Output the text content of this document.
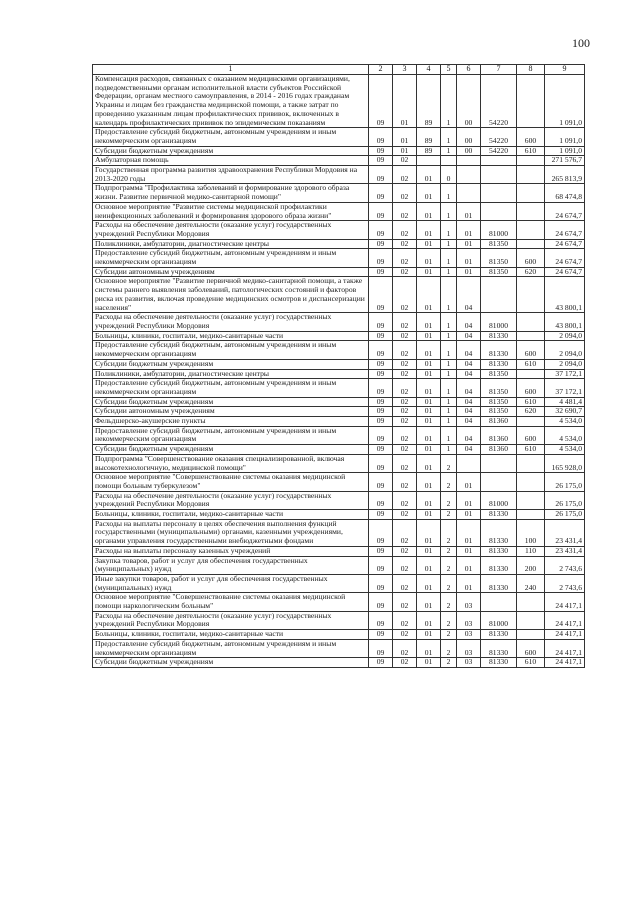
100
1	2	3	4	5	6	7	8	9
Компенсация расходов, связанных с оказанием медицинскими организациями, подведомственными органам исполнительной власти субъектов Российской Федерации, органам местного самоуправления, в 2014 - 2016 годах гражданам Украины и лицам без гражданства медицинской помощи, а также затрат по проведению указанным лицам профилактических прививок, включенных в календарь профилактических прививок по эпидемическим показаниям	09	01	89	1	00	54220		1 091,0
Предоставление субсидий бюджетным, автономным учреждениям и иным некоммерческим организациям	09	01	89	1	00	54220	600	1 091,0
Субсидии бюджетным учреждениям	09	01	89	1	00	54220	610	1 091,0
Амбулаторная помощь	09	02						271 576,7
Государственная программа развития здравоохранения Республики Мордовия на 2013-2020 годы	09	02	01	0				265 813,9
Подпрограмма "Профилактика заболеваний и формирование здорового образа жизни. Развитие первичной медико-санитарной помощи"	09	02	01	1				68 474,8
Основное мероприятие "Развитие системы медицинской профилактики неинфекционных заболеваний и формирования здорового образа жизни"	09	02	01	1	01			24 674,7
Расходы на обеспечение деятельности (оказание услуг) государственных учреждений Республики Мордовия	09	02	01	1	01	81000		24 674,7
Поликлиники, амбулатории, диагностические центры	09	02	01	1	01	81350		24 674,7
Предоставление субсидий бюджетным, автономным учреждениям и иным некоммерческим организациям	09	02	01	1	01	81350	600	24 674,7
Субсидии автономным учреждениям	09	02	01	1	01	81350	620	24 674,7
Основное мероприятие "Развитие первичной медико-санитарной помощи, а также системы раннего выявления заболеваний, патологических состояний и факторов риска их развития, включая проведение медицинских осмотров и диспансеризации населения"	09	02	01	1	04			43 800,1
Расходы на обеспечение деятельности (оказание услуг) государственных учреждений Республики Мордовия	09	02	01	1	04	81000		43 800,1
Больницы, клиники, госпитали, медико-санитарные части	09	02	01	1	04	81330		2 094,0
Предоставление субсидий бюджетным, автономным учреждениям и иным некоммерческим организациям	09	02	01	1	04	81330	600	2 094,0
Субсидии бюджетным учреждениям	09	02	01	1	04	81330	610	2 094,0
Поликлиники, амбулатории, диагностические центры	09	02	01	1	04	81350		37 172,1
Предоставление субсидий бюджетным, автономным учреждениям и иным некоммерческим организациям	09	02	01	1	04	81350	600	37 172,1
Субсидии бюджетным учреждениям	09	02	01	1	04	81350	610	4 481,4
Субсидии автономным учреждениям	09	02	01	1	04	81350	620	32 690,7
Фельдшерско-акушерские пункты	09	02	01	1	04	81360		4 534,0
Предоставление субсидий бюджетным, автономным учреждениям и иным некоммерческим организациям	09	02	01	1	04	81360	600	4 534,0
Субсидии бюджетным учреждениям	09	02	01	1	04	81360	610	4 534,0
Подпрограмма "Совершенствование оказания специализированной, включая высокотехнологичную, медицинской помощи"	09	02	01	2				165 928,0
Основное мероприятие "Совершенствование системы оказания медицинской помощи больным туберкулезом"	09	02	01	2	01			26 175,0
Расходы на обеспечение деятельности (оказание услуг) государственных учреждений Республики Мордовия	09	02	01	2	01	81000		26 175,0
Больницы, клиники, госпитали, медико-санитарные части	09	02	01	2	01	81330		26 175,0
Расходы на выплаты персоналу в целях обеспечения выполнения функций государственными (муниципальными) органами, казенными учреждениями, органами управления государственными внебюджетными фондами	09	02	01	2	01	81330	100	23 431,4
Расходы на выплаты персоналу казенных учреждений	09	02	01	2	01	81330	110	23 431,4
Закупка товаров, работ и услуг для обеспечения государственных (муниципальных) нужд	09	02	01	2	01	81330	200	2 743,6
Иные закупки товаров, работ и услуг для обеспечения государственных (муниципальных) нужд	09	02	01	2	01	81330	240	2 743,6
Основное мероприятие "Совершенствование системы оказания медицинской помощи наркологическим больным"	09	02	01	2	03			24 417,1
Расходы на обеспечение деятельности (оказание услуг) государственных учреждений Республики Мордовия	09	02	01	2	03	81000		24 417,1
Больницы, клиники, госпитали, медико-санитарные части	09	02	01	2	03	81330		24 417,1
Предоставление субсидий бюджетным, автономным учреждениям и иным некоммерческим организациям	09	02	01	2	03	81330	600	24 417,1
Субсидии бюджетным учреждениям	09	02	01	2	03	81330	610	24 417,1
